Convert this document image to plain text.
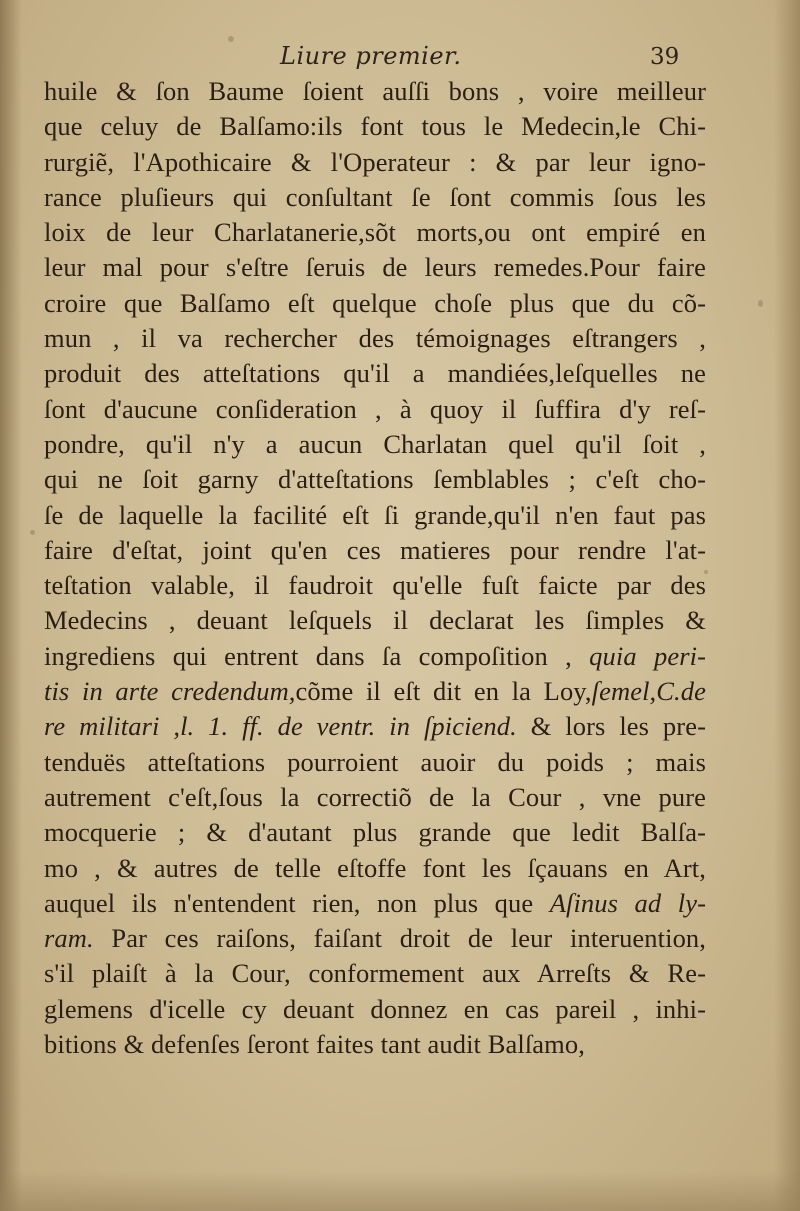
Liure premier.	39
huile & ſon Baume ſoient auſſi bons , voire meilleur
que celuy de Balſamo:ils font tous le Medecin,le Chi-
rurgiẽ, l'Apothicaire & l'Operateur : & par leur igno-
rance pluſieurs qui conſultant ſe ſont commis ſous les
loix de leur Charlatanerie,sõt morts,ou ont empiré en
leur mal pour s'eſtre ſeruis de leurs remedes.Pour faire
croire que Balſamo eſt quelque choſe plus que du cõ-
mun , il va rechercher des témoignages eſtrangers ,
produit des atteſtations qu'il a mandiées,leſquelles ne
ſont d'aucune conſideration , à quoy il ſuffira d'y reſ-
pondre, qu'il n'y a aucun Charlatan quel qu'il ſoit ,
qui ne ſoit garny d'atteſtations ſemblables ; c'eſt cho-
ſe de laquelle la facilité eſt ſi grande,qu'il n'en faut pas
faire d'eſtat, joint qu'en ces matieres pour rendre l'at-
teſtation valable, il faudroit qu'elle fuſt faicte par des
Medecins , deuant leſquels il declarat les ſimples &
ingrediens qui entrent dans ſa compoſition , quia peri-
tis in arte credendum,cõme il eſt dit en la Loy,ſemel,C.de
re militari ,l. 1. ff. de ventr. in ſpiciend. & lors les pre-
tenduës atteſtations pourroient auoir du poids ; mais
autrement c'eſt,ſous la correctiõ de la Cour , vne pure
mocquerie ; & d'autant plus grande que ledit Balſa-
mo , & autres de telle eſtoffe font les ſçauans en Art,
auquel ils n'entendent rien, non plus que Aſinus ad ly-
ram. Par ces raiſons, faiſant droit de leur interuention,
s'il plaiſt à la Cour, conformement aux Arreſts & Re-
glemens d'icelle cy deuant donnez en cas pareil , inhi-
bitions & defenſes ſeront faites tant audit Balſamo,
